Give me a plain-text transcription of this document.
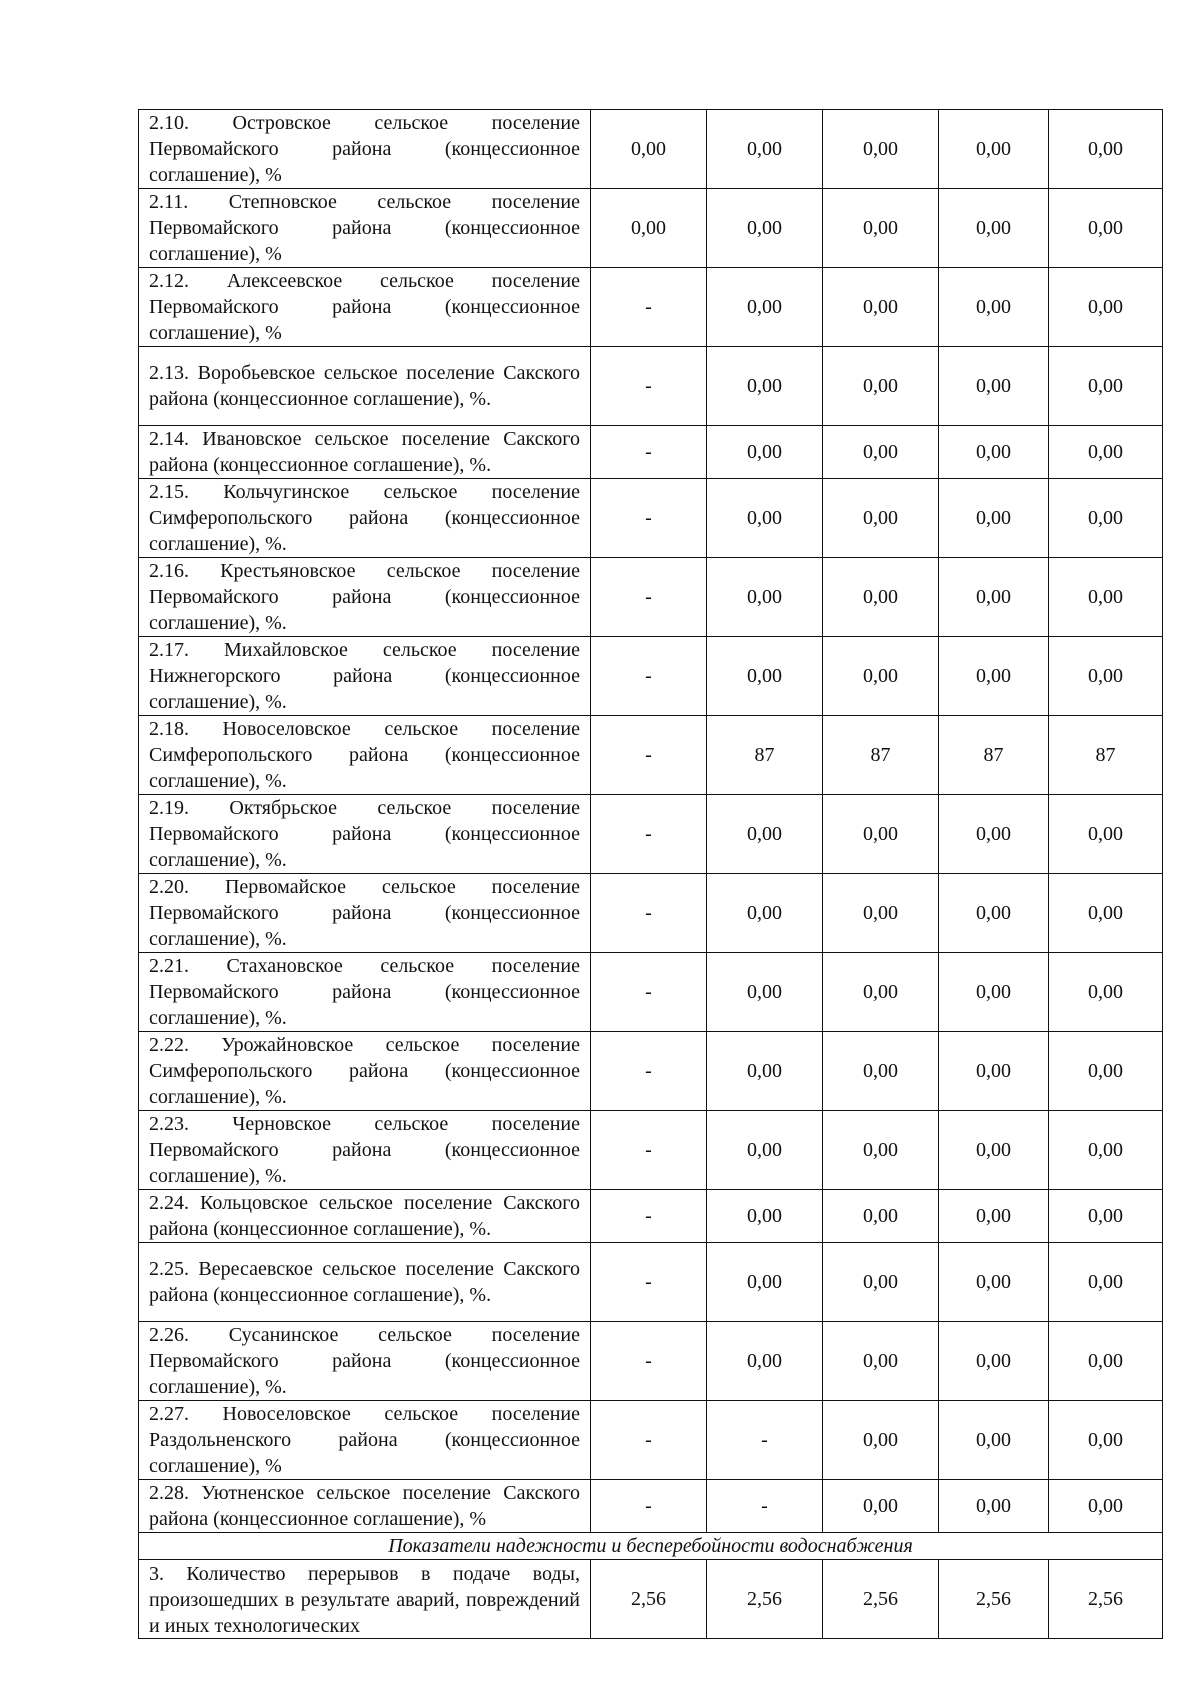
2.10. Островское сельское поселение Первомайского района (концессионное соглашение), %	0,00	0,00	0,00	0,00	0,00
2.11. Степновское сельское поселение Первомайского района (концессионное соглашение), %	0,00	0,00	0,00	0,00	0,00
2.12. Алексеевское сельское поселение Первомайского района (концессионное соглашение), %	-	0,00	0,00	0,00	0,00
2.13. Воробьевское сельское поселение Сакского района (концессионное соглашение), %.	-	0,00	0,00	0,00	0,00
2.14. Ивановское сельское поселение Сакского района (концессионное соглашение), %.	-	0,00	0,00	0,00	0,00
2.15. Кольчугинское сельское поселение Симферопольского района (концессионное соглашение), %.	-	0,00	0,00	0,00	0,00
2.16. Крестьяновское сельское поселение Первомайского района (концессионное соглашение), %.	-	0,00	0,00	0,00	0,00
2.17. Михайловское сельское поселение Нижнегорского района (концессионное соглашение), %.	-	0,00	0,00	0,00	0,00
2.18. Новоселовское сельское поселение Симферопольского района (концессионное соглашение), %.	-	87	87	87	87
2.19. Октябрьское сельское поселение Первомайского района (концессионное соглашение), %.	-	0,00	0,00	0,00	0,00
2.20. Первомайское сельское поселение Первомайского района (концессионное соглашение), %.	-	0,00	0,00	0,00	0,00
2.21. Стахановское сельское поселение Первомайского района (концессионное соглашение), %.	-	0,00	0,00	0,00	0,00
2.22. Урожайновское сельское поселение Симферопольского района (концессионное соглашение), %.	-	0,00	0,00	0,00	0,00
2.23. Черновское сельское поселение Первомайского района (концессионное соглашение), %.	-	0,00	0,00	0,00	0,00
2.24. Кольцовское сельское поселение Сакского района (концессионное соглашение), %.	-	0,00	0,00	0,00	0,00
2.25. Вересаевское сельское поселение Сакского района (концессионное соглашение), %.	-	0,00	0,00	0,00	0,00
2.26. Сусанинское сельское поселение Первомайского района (концессионное соглашение), %.	-	0,00	0,00	0,00	0,00
2.27. Новоселовское сельское поселение Раздольненского района (концессионное соглашение), %	-	-	0,00	0,00	0,00
2.28. Уютненское сельское поселение Сакского района (концессионное соглашение), %	-	-	0,00	0,00	0,00
Показатели надежности и бесперебойности водоснабжения					

3. Количество перерывов в подаче воды, произошедших в результате аварий, повреждений и иных технологических	2,56	2,56	2,56	2,56	2,56
